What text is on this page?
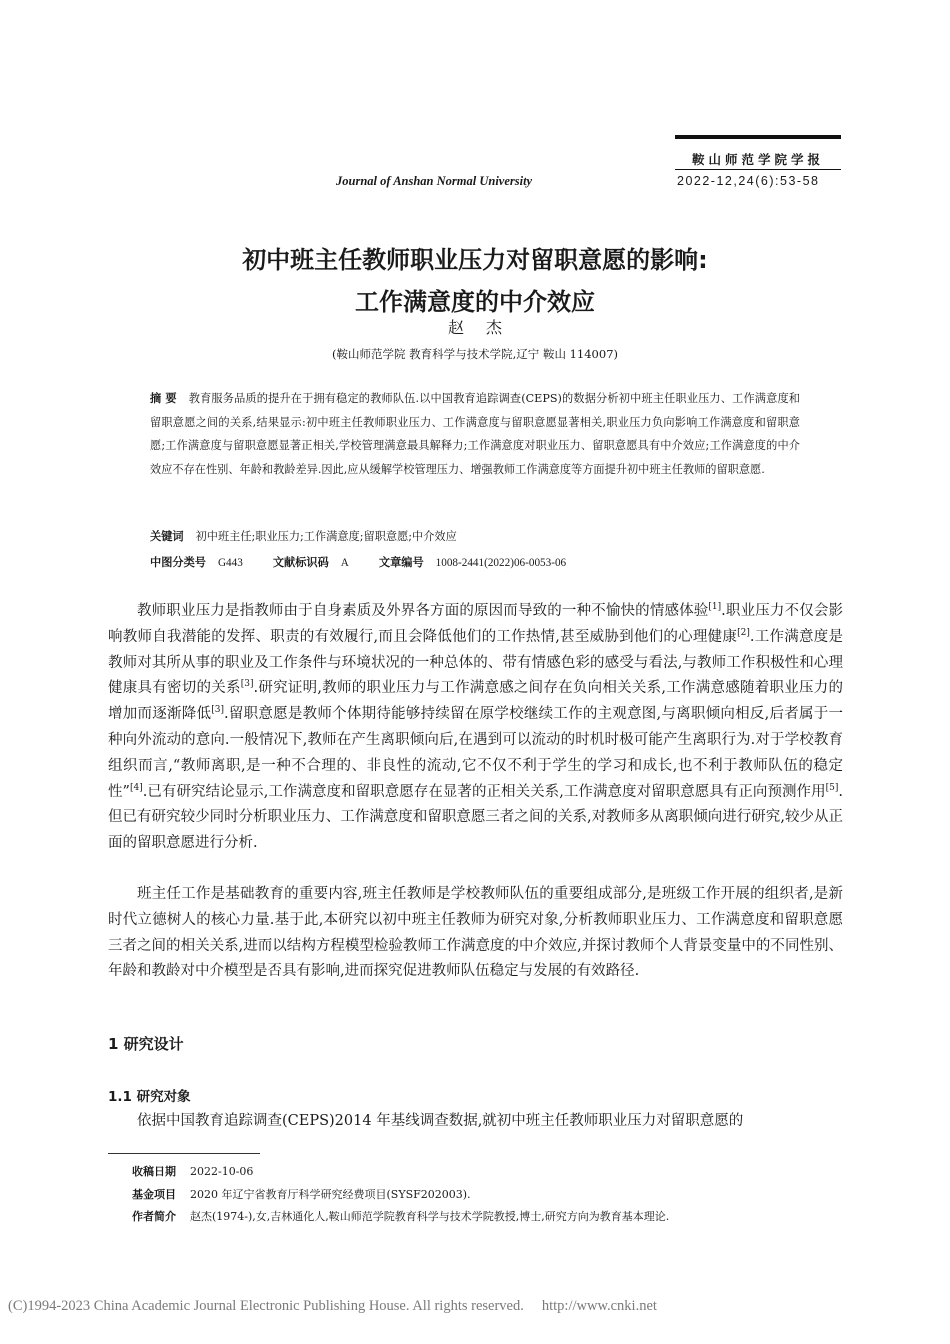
Journal of Anshan Normal University
鞍山师范学院学报
2022-12,24(6):53-58
初中班主任教师职业压力对留职意愿的影响:
工作满意度的中介效应
赵杰
(鞍山师范学院 教育科学与技术学院,辽宁 鞍山 114007)
摘 要 教育服务品质的提升在于拥有稳定的教师队伍.以中国教育追踪调查(CEPS)的数据分析初中班主任职业压力、工作满意度和留职意愿之间的关系,结果显示:初中班主任教师职业压力、工作满意度与留职意愿显著相关,职业压力负向影响工作满意度和留职意愿;工作满意度与留职意愿显著正相关,学校管理满意最具解释力;工作满意度对职业压力、留职意愿具有中介效应;工作满意度的中介效应不存在性别、年龄和教龄差异.因此,应从缓解学校管理压力、增强教师工作满意度等方面提升初中班主任教师的留职意愿.
关键词 初中班主任;职业压力;工作满意度;留职意愿;中介效应
中图分类号 G443	文献标识码 A	文章编号 1008-2441(2022)06-0053-06
教师职业压力是指教师由于自身素质及外界各方面的原因而导致的一种不愉快的情感体验[1].职业压力不仅会影响教师自我潜能的发挥、职责的有效履行,而且会降低他们的工作热情,甚至威胁到他们的心理健康[2].工作满意度是教师对其所从事的职业及工作条件与环境状况的一种总体的、带有情感色彩的感受与看法,与教师工作积极性和心理健康具有密切的关系[3].研究证明,教师的职业压力与工作满意感之间存在负向相关关系,工作满意感随着职业压力的增加而逐渐降低[3].留职意愿是教师个体期待能够持续留在原学校继续工作的主观意图,与离职倾向相反,后者属于一种向外流动的意向.一般情况下,教师在产生离职倾向后,在遇到可以流动的时机时极可能产生离职行为.对于学校教育组织而言,“教师离职,是一种不合理的、非良性的流动,它不仅不利于学生的学习和成长,也不利于教师队伍的稳定性”[4].已有研究结论显示,工作满意度和留职意愿存在显著的正相关关系,工作满意度对留职意愿具有正向预测作用[5].但已有研究较少同时分析职业压力、工作满意度和留职意愿三者之间的关系,对教师多从离职倾向进行研究,较少从正面的留职意愿进行分析.
班主任工作是基础教育的重要内容,班主任教师是学校教师队伍的重要组成部分,是班级工作开展的组织者,是新时代立德树人的核心力量.基于此,本研究以初中班主任教师为研究对象,分析教师职业压力、工作满意度和留职意愿三者之间的相关关系,进而以结构方程模型检验教师工作满意度的中介效应,并探讨教师个人背景变量中的不同性别、年龄和教龄对中介模型是否具有影响,进而探究促进教师队伍稳定与发展的有效路径.
1 研究设计
1.1 研究对象
依据中国教育追踪调查(CEPS)2014 年基线调查数据,就初中班主任教师职业压力对留职意愿的
收稿日期 2022-10-06
基金项目 2020 年辽宁省教育厅科学研究经费项目(SYSF202003).
作者简介 赵杰(1974-),女,吉林通化人,鞍山师范学院教育科学与技术学院教授,博士,研究方向为教育基本理论.
(C)1994-2023 China Academic Journal Electronic Publishing House. All rights reserved. http://www.cnki.net
